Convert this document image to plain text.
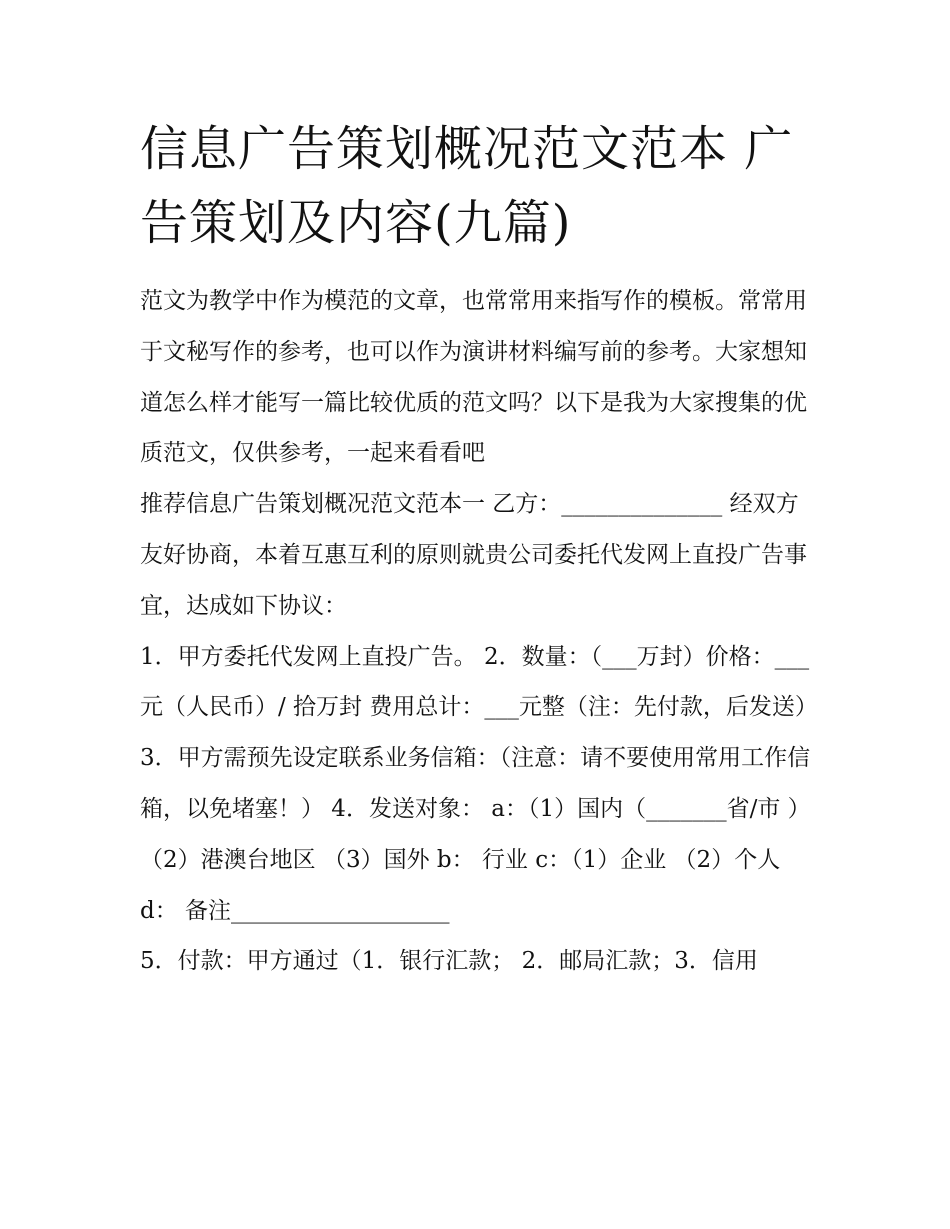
信息广告策划概况范文范本 广告策划及内容(九篇)

范文为教学中作为模范的文章，也常常用来指写作的模板。常常用于文秘写作的参考，也可以作为演讲材料编写前的参考。大家想知道怎么样才能写一篇比较优质的范文吗？以下是我为大家搜集的优质范文，仅供参考，一起来看看吧

推荐信息广告策划概况范文范本一 乙方：______________ 经双方友好协商，本着互惠互利的原则就贵公司委托代发网上直投广告事宜，达成如下协议：

1．甲方委托代发网上直投广告。 2．数量：（___万封）价格：___元（人民币）/ 拾万封 费用总计：___元整（注：先付款，后发送）

3．甲方需预先设定联系业务信箱：（注意：请不要使用常用工作信箱，以免堵塞！） 4．发送对象： a：（1）国内（_______省/市 ）

（2）港澳台地区 （3）国外 b： 行业 c：（1）企业 （2）个人 d： 备注___________________

5．付款：甲方通过（1．银行汇款； 2．邮局汇款；3．信用
